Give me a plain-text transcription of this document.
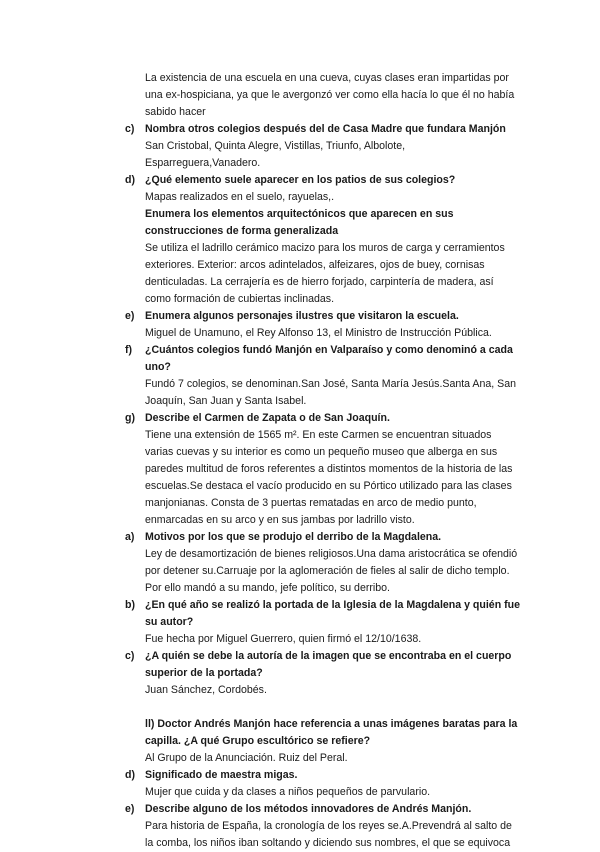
La existencia de una escuela en una cueva, cuyas clases eran impartidas por una ex-hospiciana, ya que le avergonzó ver como ella hacía lo que él no había sabido hacer
c) Nombra otros colegios después del de Casa Madre que fundara Manjón
San Cristobal, Quinta Alegre, Vistillas, Triunfo, Albolote, Esparreguera,Vanadero.
d) ¿Qué elemento suele aparecer en los patios de sus colegios?
Mapas realizados en el suelo, rayuelas,.
Enumera los elementos arquitectónicos que aparecen en sus construcciones de forma generalizada
Se utiliza el ladrillo cerámico macizo para los muros de carga y cerramientos exteriores. Exterior: arcos adintelados, alfeizares, ojos de buey, cornisas denticuladas. La cerrajería es de hierro forjado, carpintería de madera, así como formación de cubiertas inclinadas.
e) Enumera algunos personajes ilustres que visitaron la escuela.
Miguel de Unamuno, el Rey Alfonso 13, el Ministro de Instrucción Pública.
f) ¿Cuántos colegios fundó Manjón en Valparaíso y como denominó a cada uno?
Fundó 7 colegios, se denominan.San José, Santa María Jesús.Santa Ana, San Joaquín, San Juan y Santa Isabel.
g) Describe el Carmen de Zapata o de San Joaquín.
Tiene una extensión de 1565 m². En este Carmen se encuentran situados varias cuevas y su interior es como un pequeño museo que alberga en sus paredes multitud de foros referentes a distintos momentos de la historia de las escuelas.Se destaca el vacío producido en su Pórtico utilizado para las clases manjonianas. Consta de 3 puertas rematadas en arco de medio punto, enmarcadas en su arco y en sus jambas por ladrillo visto.
a) Motivos por los que se produjo el derribo de la Magdalena.
Ley de desamortización de bienes religiosos.Una dama aristocrática se ofendió por detener su.Carruaje por la aglomeración de fieles al salir de dicho templo. Por ello mandó a su mando, jefe político, su derribo.
b) ¿En qué año se realizó la portada de la Iglesia de la Magdalena y quién fue su autor?
Fue hecha por Miguel Guerrero, quien firmó el 12/10/1638.
c) ¿A quién se debe la autoría de la imagen que se encontraba en el cuerpo superior de la portada?
Juan Sánchez, Cordobés.
ll) Doctor Andrés Manjón hace referencia a unas imágenes baratas para la capilla. ¿A qué Grupo escultórico se refiere?
Al Grupo de la Anunciación. Ruiz del Peral.
d) Significado de maestra migas.
Mujer que cuida y da clases a niños pequeños de parvulario.
e) Describe alguno de los métodos innovadores de Andrés Manjón.
Para historia de España, la cronología de los reyes se.A.Prevendrá al salto de la comba, los niños iban soltando y diciendo sus nombres, el que se equivoca
